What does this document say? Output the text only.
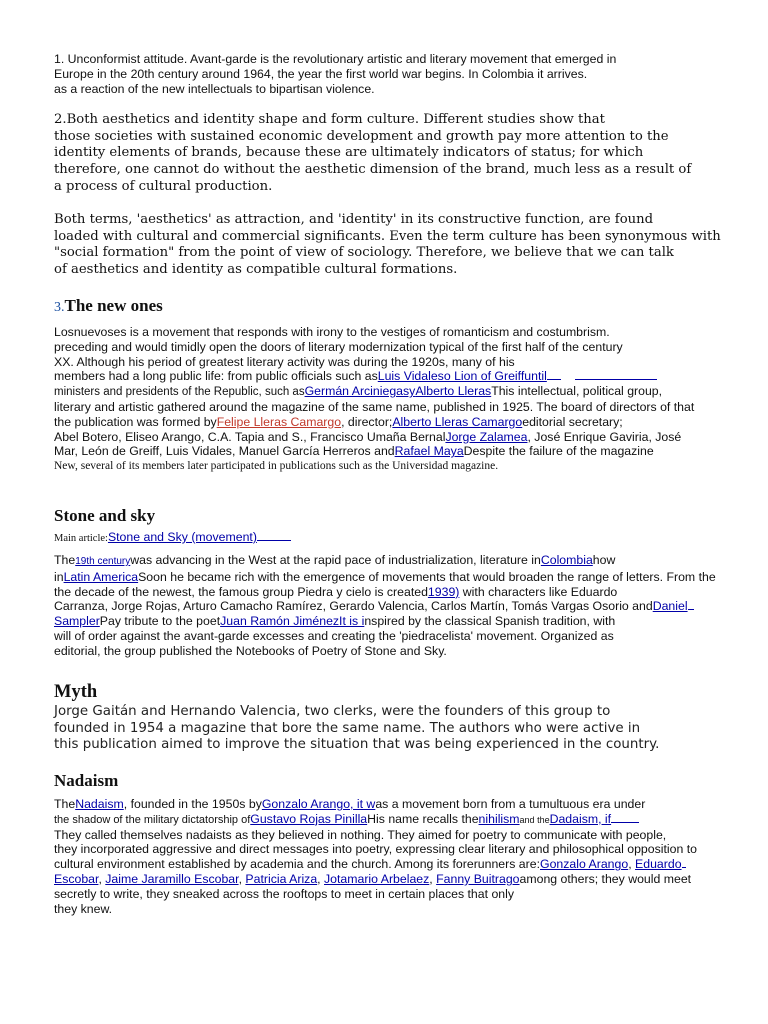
1. Unconformist attitude. Avant-garde is the revolutionary artistic and literary movement that emerged in

Europe in the 20th century around 1964, the year the first world war begins. In Colombia it arrives.

as a reaction of the new intellectuals to bipartisan violence.

2.Both aesthetics and identity shape and form culture. Different studies show that

those societies with sustained economic development and growth pay more attention to the

identity elements of brands, because these are ultimately indicators of status; for which

therefore, one cannot do without the aesthetic dimension of the brand, much less as a result of

a process of cultural production.

Both terms, 'aesthetics' as attraction, and 'identity' in its constructive function, are found

loaded with cultural and commercial significants. Even the term culture has been synonymous with

"social formation" from the point of view of sociology. Therefore, we believe that we can talk

of aesthetics and identity as compatible cultural formations.

3.The new ones

Losnuevoses is a movement that responds with irony to the vestiges of romanticism and costumbrism.

preceding and would timidly open the doors of literary modernization typical of the first half of the century

XX. Although his period of greatest literary activity was during the 1920s, many of his

members had a long public life: from public officials such asLuis Vidaleso Lion of Greiffuntil

ministers and presidents of the Republic, such asGermán ArciniegasyAlberto LlerasThis intellectual, political group,

literary and artistic gathered around the magazine of the same name, published in 1925. The board of directors of that

the publication was formed byFelipe Lleras Camargo, director;Alberto Lleras Camargoeditorial secretary;

Abel Botero, Eliseo Arango, C.A. Tapia and S., Francisco Umaña BernalJorge Zalamea, José Enrique Gaviria, José

Mar, León de Greiff, Luis Vidales, Manuel García Herreros andRafael MayaDespite the failure of the magazine

New, several of its members later participated in publications such as the Universidad magazine.

Stone and sky

Main article:Stone and Sky (movement)

The19th centurywas advancing in the West at the rapid pace of industrialization, literature inColombiahow

inLatin AmericaSoon he became rich with the emergence of movements that would broaden the range of letters. From the

the decade of the newest, the famous group Piedra y cielo is created1939) with characters like Eduardo

Carranza, Jorge Rojas, Arturo Camacho Ramírez, Gerardo Valencia, Carlos Martín, Tomás Vargas Osorio andDaniel

SamplerPay tribute to the poetJuan Ramón JiménezIt is inspired by the classical Spanish tradition, with

will of order against the avant-garde excesses and creating the 'piedracelista' movement. Organized as

editorial, the group published the Notebooks of Poetry of Stone and Sky.

Myth

Jorge Gaitán and Hernando Valencia, two clerks, were the founders of this group to

founded in 1954 a magazine that bore the same name. The authors who were active in

this publication aimed to improve the situation that was being experienced in the country.

Nadaism

TheNadaism, founded in the 1950s byGonzalo Arango, it was a movement born from a tumultuous era under

the shadow of the military dictatorship ofGustavo Rojas PinillaHis name recalls thenihilismand theDadaism, if

They called themselves nadaists as they believed in nothing. They aimed for poetry to communicate with people,

they incorporated aggressive and direct messages into poetry, expressing clear literary and philosophical opposition to

cultural environment established by academia and the church. Among its forerunners are:Gonzalo Arango, Eduardo

Escobar, Jaime Jaramillo Escobar, Patricia Ariza, Jotamario Arbelaez, Fanny Buitragoamong others; they would meet

secretly to write, they sneaked across the rooftops to meet in certain places that only

they knew.
